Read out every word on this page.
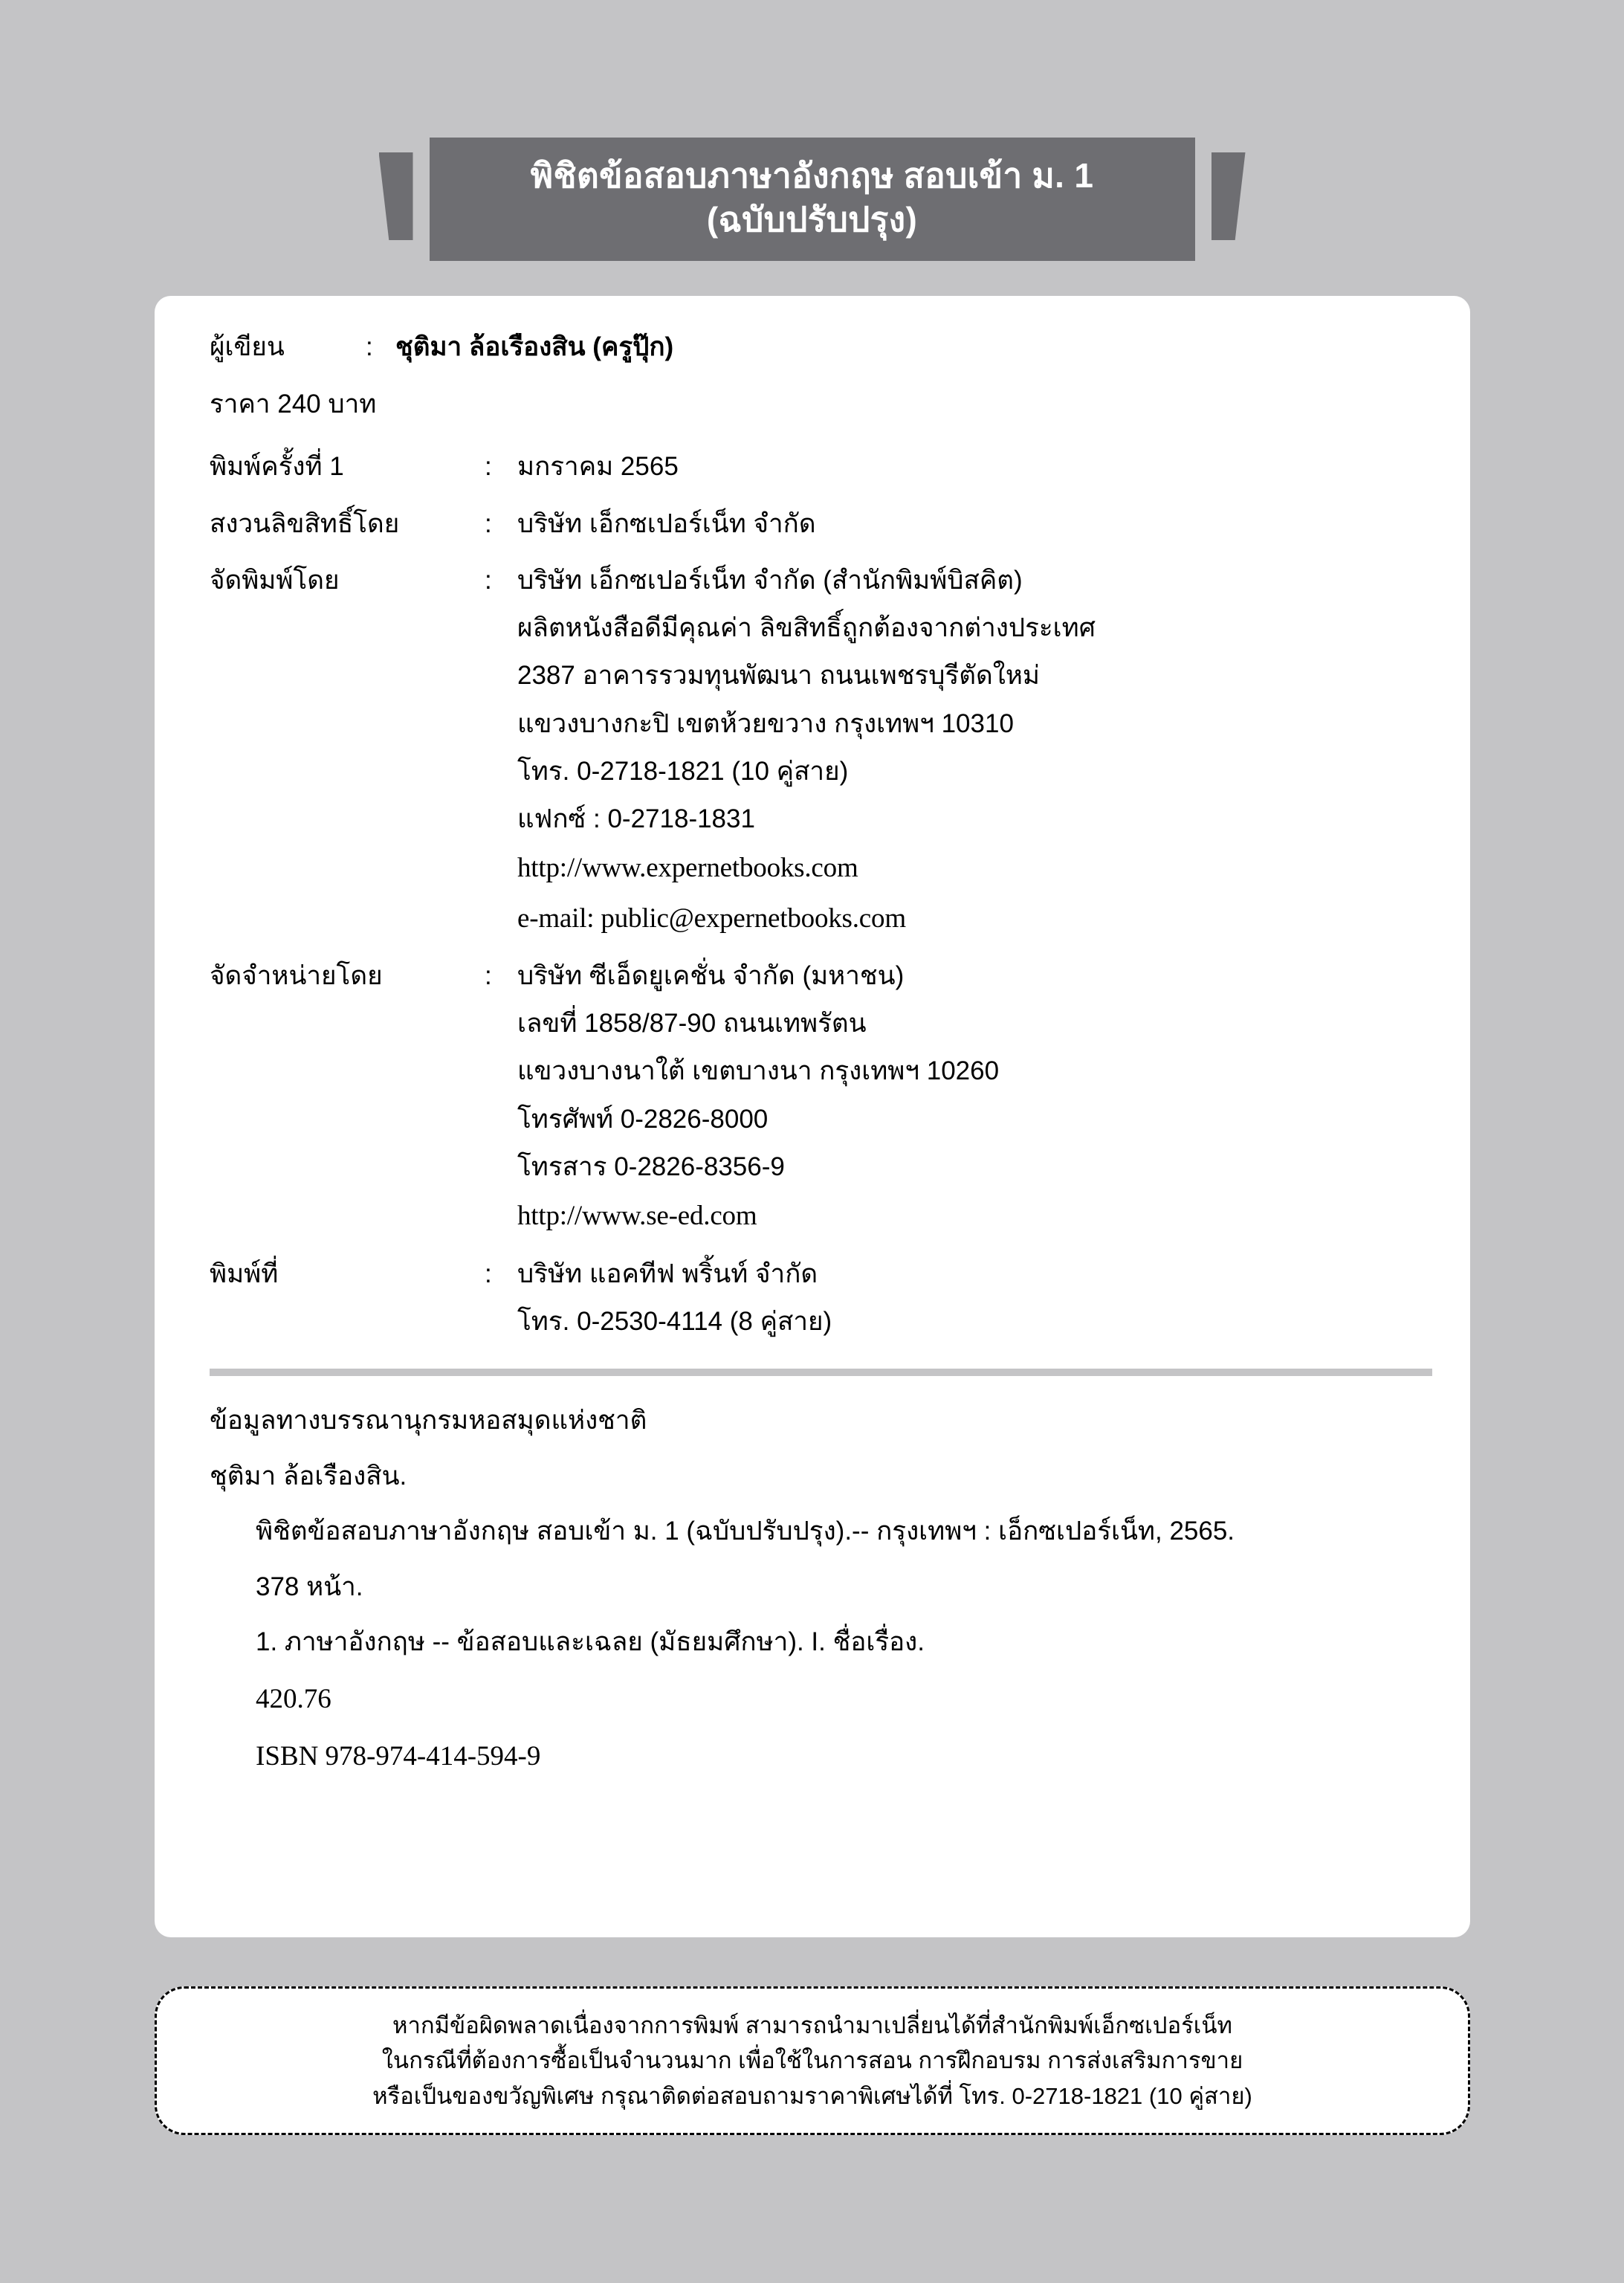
พิชิตข้อสอบภาษาอังกฤษ สอบเข้า ม. 1
(ฉบับปรับปรุง)
ผู้เขียน	: ชุติมา ล้อเรืองสิน (ครูปุ๊ก)
ราคา 240 บาท
พิมพ์ครั้งที่ 1	: มกราคม 2565
สงวนลิขสิทธิ์โดย	: บริษัท เอ็กซเปอร์เน็ท จำกัด
จัดพิมพ์โดย	: บริษัท เอ็กซเปอร์เน็ท จำกัด (สำนักพิมพ์บิสคิต)
ผลิตหนังสือดีมีคุณค่า ลิขสิทธิ์ถูกต้องจากต่างประเทศ
2387 อาคารรวมทุนพัฒนา ถนนเพชรบุรีตัดใหม่
แขวงบางกะปิ เขตห้วยขวาง กรุงเทพฯ 10310
โทร. 0-2718-1821 (10 คู่สาย)
แฟกซ์ : 0-2718-1831
http://www.expernetbooks.com
e-mail: public@expernetbooks.com
จัดจำหน่ายโดย	: บริษัท ซีเอ็ดยูเคชั่น จำกัด (มหาชน)
เลขที่ 1858/87-90 ถนนเทพรัตน
แขวงบางนาใต้ เขตบางนา กรุงเทพฯ 10260
โทรศัพท์ 0-2826-8000
โทรสาร 0-2826-8356-9
http://www.se-ed.com
พิมพ์ที่	: บริษัท แอคทีฟ พริ้นท์ จำกัด
โทร. 0-2530-4114 (8 คู่สาย)
ข้อมูลทางบรรณานุกรมหอสมุดแห่งชาติ
ชุติมา ล้อเรืองสิน.
พิชิตข้อสอบภาษาอังกฤษ สอบเข้า ม. 1 (ฉบับปรับปรุง).-- กรุงเทพฯ : เอ็กซเปอร์เน็ท, 2565.
378 หน้า.
1. ภาษาอังกฤษ -- ข้อสอบและเฉลย (มัธยมศึกษา). I. ชื่อเรื่อง.
420.76
ISBN 978-974-414-594-9
หากมีข้อผิดพลาดเนื่องจากการพิมพ์ สามารถนำมาเปลี่ยนได้ที่สำนักพิมพ์เอ็กซเปอร์เน็ท
ในกรณีที่ต้องการซื้อเป็นจำนวนมาก เพื่อใช้ในการสอน การฝึกอบรม การส่งเสริมการขาย
หรือเป็นของขวัญพิเศษ กรุณาติดต่อสอบถามราคาพิเศษได้ที่ โทร. 0-2718-1821 (10 คู่สาย)
